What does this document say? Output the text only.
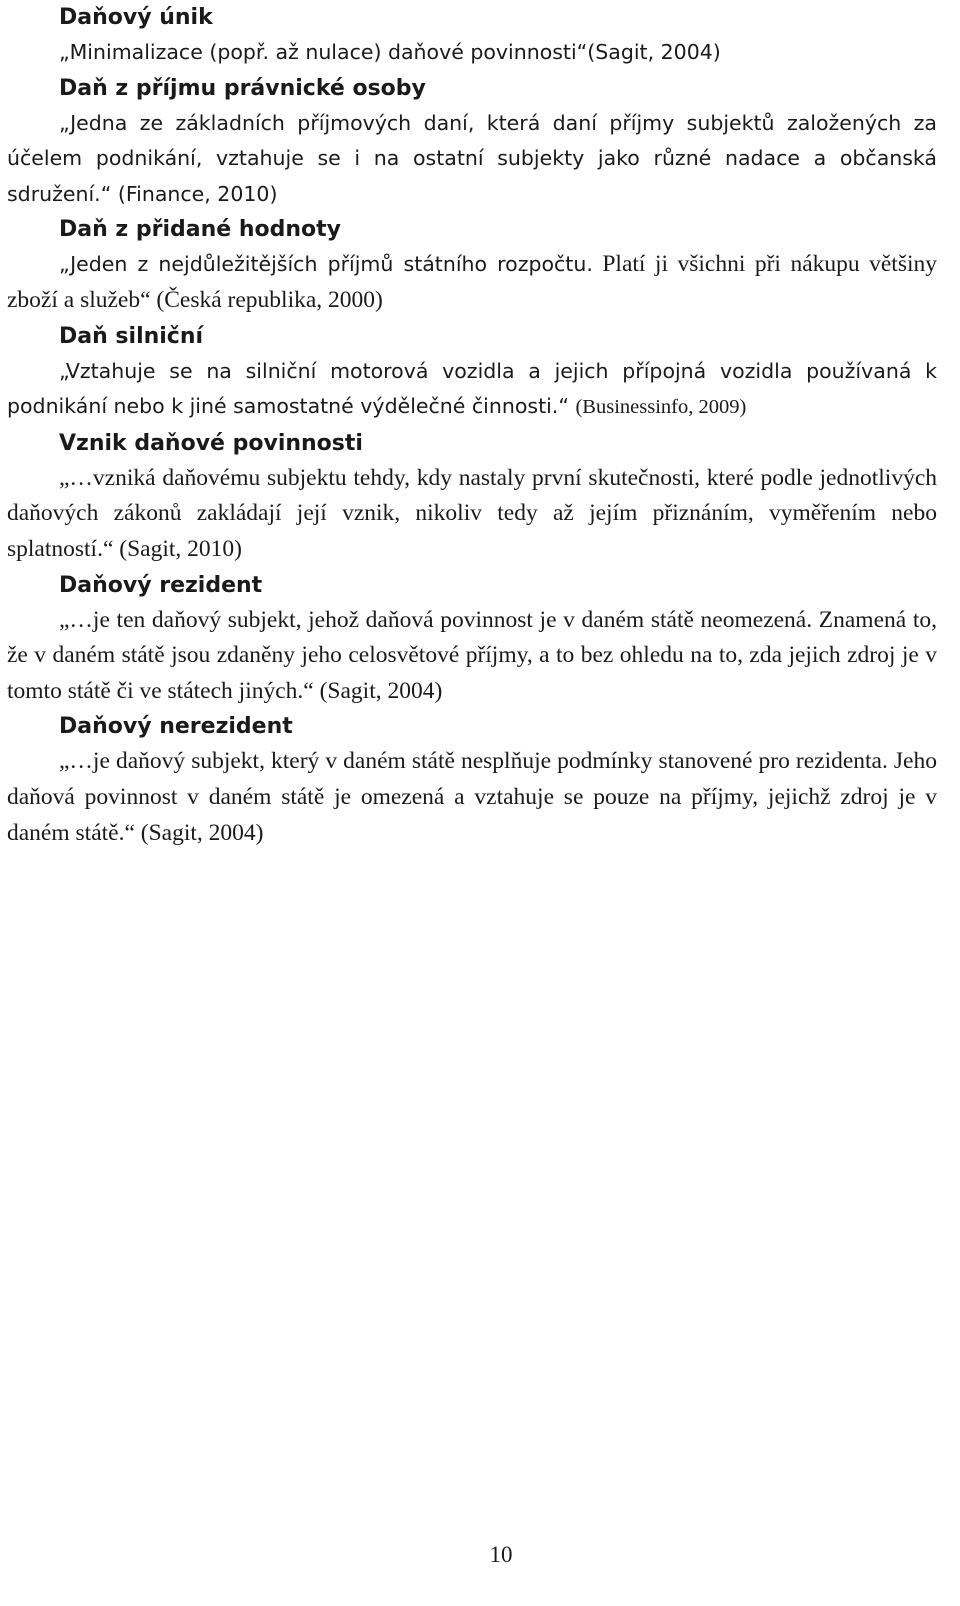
Daňový únik
„Minimalizace (popř. až nulace) daňové povinnosti“(Sagit, 2004)
Daň z příjmu právnické osoby
„Jedna ze základních příjmových daní, která daní příjmy subjektů založených za účelem podnikání, vztahuje se i na ostatní subjekty jako různé nadace a občanská sdružení.“ (Finance, 2010)
Daň z přidané hodnoty
„Jeden z nejdůležitějších příjmů státního rozpočtu. Platí ji všichni při nákupu většiny zboží a služeb“ (Česká republika, 2000)
Daň silniční
„Vztahuje se na silniční motorová vozidla a jejich přípojná vozidla používaná k podnikání nebo k jiné samostatné výdělečné činnosti.“ (Businessinfo, 2009)
Vznik daňové povinnosti
„…vzniká daňovému subjektu tehdy, kdy nastaly první skutečnosti, které podle jednotlivých daňových zákonů zakládají její vznik, nikoliv tedy až jejím přiznáním, vyměřením nebo splatností.“ (Sagit, 2010)
Daňový rezident
„…je ten daňový subjekt, jehož daňová povinnost je v daném státě neomezená. Znamená to, že v daném státě jsou zdaněny jeho celosvětové příjmy, a to bez ohledu na to, zda jejich zdroj je v tomto státě či ve státech jiných.“ (Sagit, 2004)
Daňový nerezident
„…je daňový subjekt, který v daném státě nesplňuje podmínky stanovené pro rezidenta. Jeho daňová povinnost v daném státě je omezená a vztahuje se pouze na příjmy, jejichž zdroj je v daném státě.“ (Sagit, 2004)
10
